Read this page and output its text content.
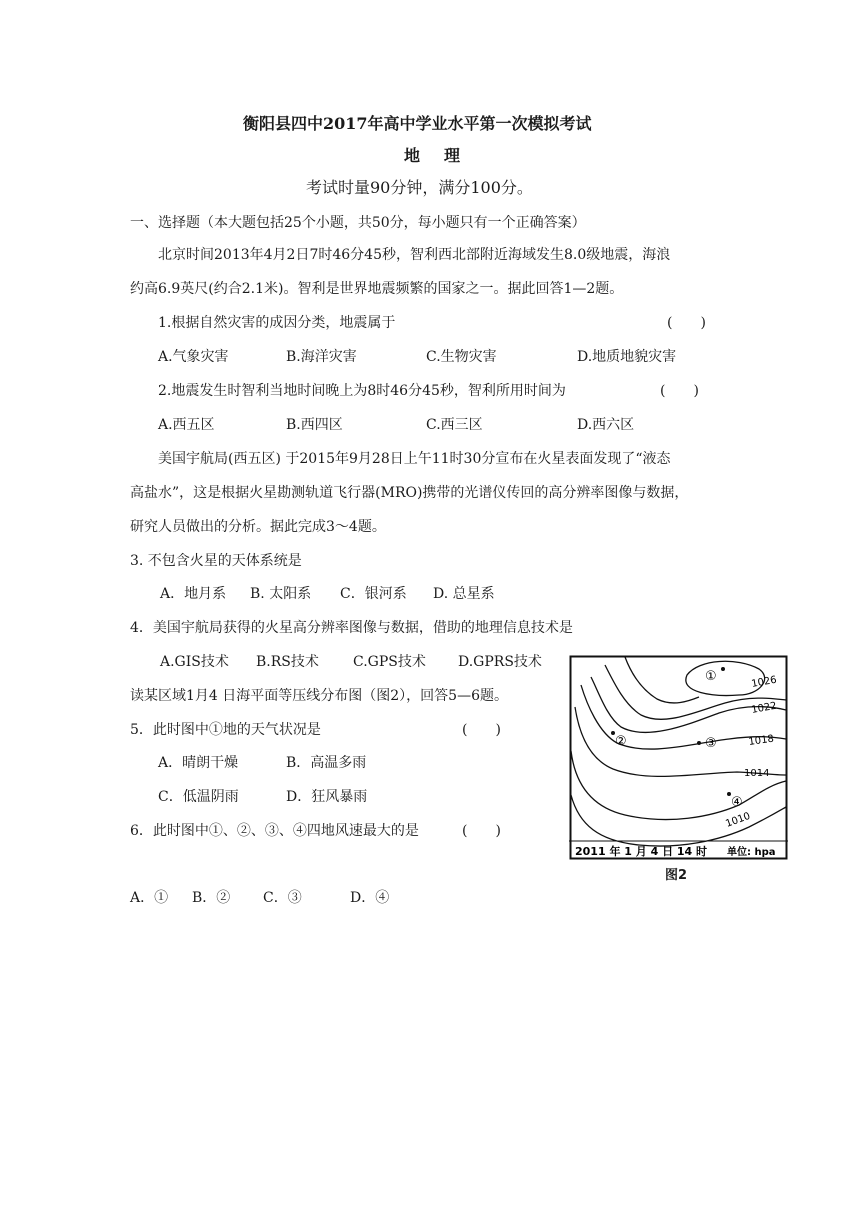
衡阳县四中2017年高中学业水平第一次模拟考试
地　理
考试时量90分钟，满分100分。
一、选择题（本大题包括25个小题，共50分，每小题只有一个正确答案）
北京时间2013年4月2日7时46分45秒，智利西北部附近海域发生8.0级地震，海浪
约高6.9英尺(约合2.1米)。智利是世界地震频繁的国家之一。据此回答1—2题。
1.根据自然灾害的成因分类，地震属于	(　　)
A.气象灾害	B.海洋灾害	C.生物灾害	D.地质地貌灾害
2.地震发生时智利当地时间晚上为8时46分45秒，智利所用时间为	(　　)
A.西五区	B.西四区	C.西三区	D.西六区
美国宇航局(西五区) 于2015年9月28日上午11时30分宣布在火星表面发现了“液态
高盐水”，这是根据火星勘测轨道飞行器(MRO)携带的光谱仪传回的高分辨率图像与数据，
研究人员做出的分析。据此完成3～4题。
3. 不包含火星的天体系统是
A．地月系 B. 太阳系 C．银河系 D. 总星系
4．美国宇航局获得的火星高分辨率图像与数据，借助的地理信息技术是
A.GIS技术 B.RS技术 C.GPS技术 D.GPRS技术
读某区域1月4 日海平面等压线分布图（图2），回答5—6题。
5．此时图中①地的天气状况是	(　　)
A．晴朗干燥	B．高温多雨
C．低温阴雨	D．狂风暴雨
6．此时图中①、②、③、④四地风速最大的是	(　　)
A．① B．② C．③	D．④
1026
1022
1018
1014
1010
①
②	③
④
2011 年 1 月 4 日 14 时 单位: hpa
图2
